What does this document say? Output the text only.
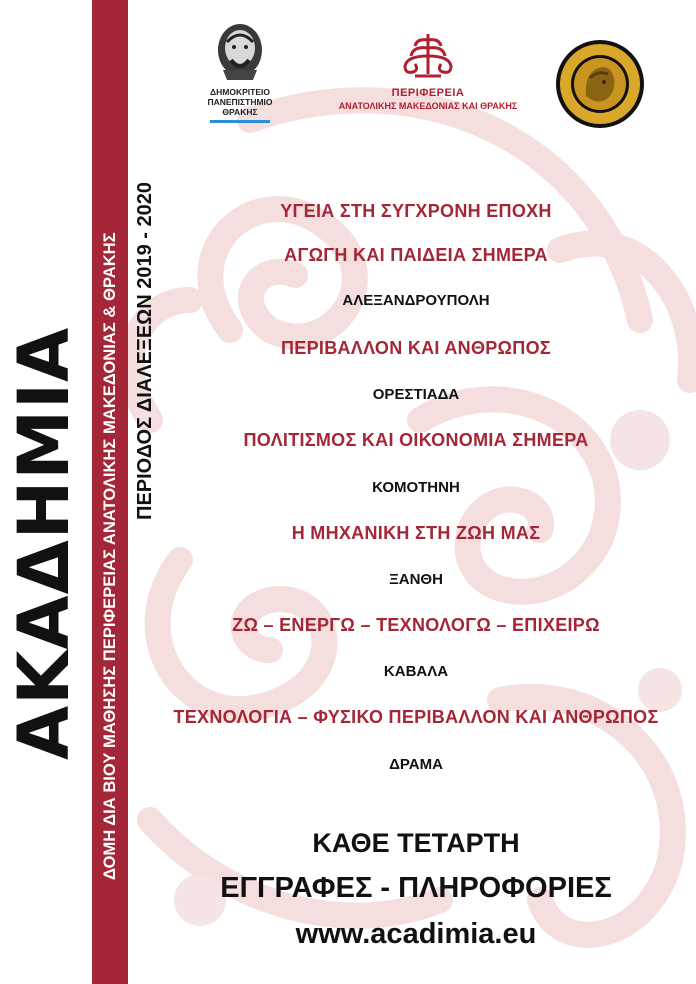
ΑΚΑΔΗΜΙΑ ΔΟΜΗ ΔΙΑ ΒΙΟΥ ΜΑΘΗΣΗΣ ΠΕΡΙΦΕΡΕΙΑΣ ΑΝΑΤΟΛΙΚΗΣ ΜΑΚΕΔΟΝΙΑΣ & ΘΡΑΚΗΣ ΠΕΡΙΟΔΟΣ ΔΙΑΛΕΞΕΩΝ 2019 - 2020
ΔΗΜΟΚΡΙΤΕΙΟ
ΠΑΝΕΠΙΣΤΗΜΙΟ
ΘΡΑΚΗΣ
ΠΕΡΙΦΕΡΕΙΑ
ΑΝΑΤΟΛΙΚΗΣ ΜΑΚΕΔΟΝΙΑΣ ΚΑΙ ΘΡΑΚΗΣ
ΥΓΕΙΑ ΣΤΗ ΣΥΓΧΡΟΝΗ ΕΠΟΧΗ
ΑΓΩΓΗ ΚΑΙ ΠΑΙΔΕΙΑ ΣΗΜΕΡΑ
ΑΛΕΞΑΝΔΡΟΥΠΟΛΗ
ΠΕΡΙΒΑΛΛΟΝ ΚΑΙ ΑΝΘΡΩΠΟΣ
ΟΡΕΣΤΙΑΔΑ
ΠΟΛΙΤΙΣΜΟΣ ΚΑΙ ΟΙΚΟΝΟΜΙΑ ΣΗΜΕΡΑ
ΚΟΜΟΤΗΝΗ
Η ΜΗΧΑΝΙΚΗ ΣΤΗ ΖΩΗ ΜΑΣ
ΞΑΝΘΗ
ΖΩ – ΕΝΕΡΓΩ – ΤΕΧΝΟΛΟΓΩ – ΕΠΙΧΕΙΡΩ
ΚΑΒΑΛΑ
ΤΕΧΝΟΛΟΓΙΑ – ΦΥΣΙΚΟ ΠΕΡΙΒΑΛΛΟΝ ΚΑΙ ΑΝΘΡΩΠΟΣ
ΔΡΑΜΑ
ΚΑΘΕ ΤΕΤΑΡΤΗ
ΕΓΓΡΑΦΕΣ - ΠΛΗΡΟΦΟΡΙΕΣ
www.acadimia.eu
